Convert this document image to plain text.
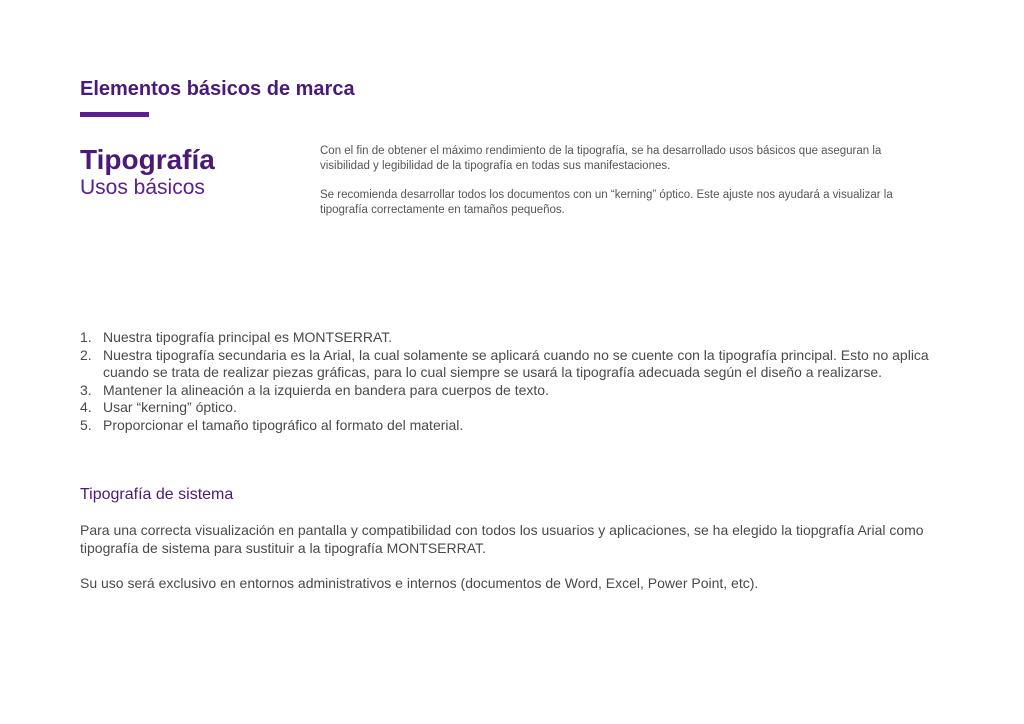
Elementos básicos de marca
Tipografía
Usos básicos

Con el fin de obtener el máximo rendimiento de la tipografía, se ha desarrollado usos básicos que aseguran la visibilidad y legibilidad de la tipografía en todas sus manifestaciones.

Se recomienda desarrollar todos los documentos con un “kerning” óptico. Este ajuste nos ayudará a visualizar la tipografía correctamente en tamaños pequeños.

1. Nuestra tipografía principal es MONTSERRAT.
2. Nuestra tipografía secundaria es la Arial, la cual solamente se aplicará cuando no se cuente con la tipografía principal. Esto no aplica cuando se trata de realizar piezas gráficas, para lo cual siempre se usará la tipografía adecuada según el diseño a realizarse.
3. Mantener la alineación a la izquierda en bandera para cuerpos de texto.
4. Usar “kerning” óptico.
5. Proporcionar el tamaño tipográfico al formato del material.
Tipografía de sistema

Para una correcta visualización en pantalla y compatibilidad con todos los usuarios y aplicaciones, se ha elegido la tiopgrafía Arial como tipografía de sistema para sustituir a la tipografía MONTSERRAT.

Su uso será exclusivo en entornos administrativos e internos (documentos de Word, Excel, Power Point, etc).
